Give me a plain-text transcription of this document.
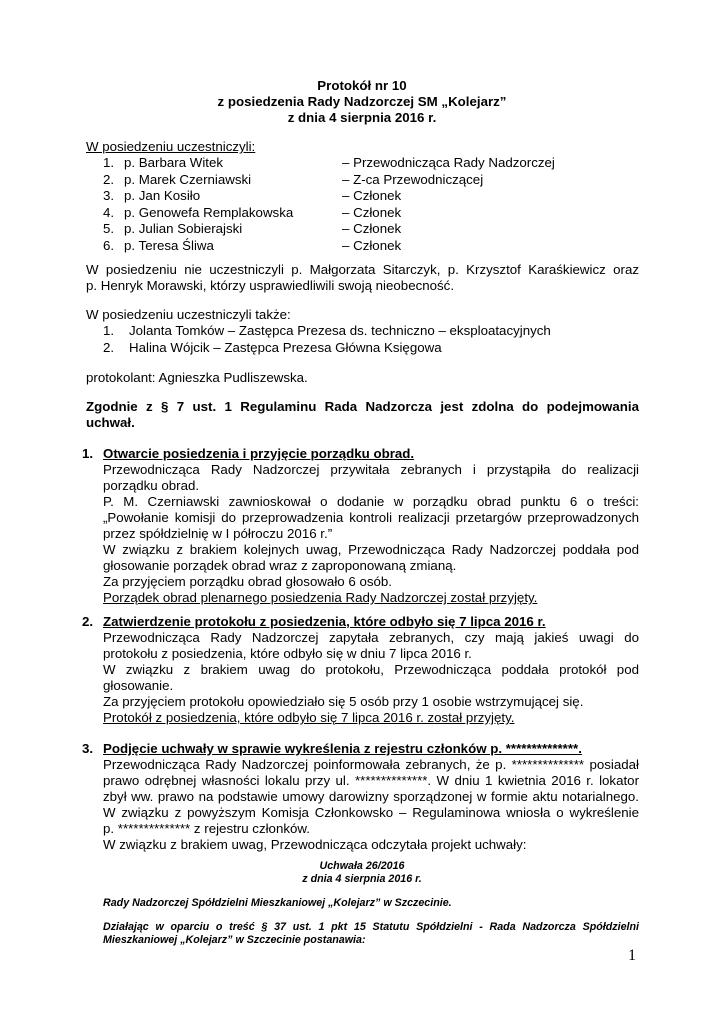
Protokół nr 10
z posiedzenia Rady Nadzorczej SM „Kolejarz”
z dnia 4 sierpnia 2016 r.
W posiedzeniu uczestniczyli:
1. p. Barbara Witek	– Przewodnicząca Rady Nadzorczej
2. p. Marek Czerniawski	– Z-ca Przewodniczącej
3. p. Jan Kosiło	– Członek
4. p. Genowefa Remplakowska	– Członek
5. p. Julian Sobierajski	– Członek
6. p. Teresa Śliwa	– Członek
W posiedzeniu nie uczestniczyli p. Małgorzata Sitarczyk, p. Krzysztof Karaśkiewicz oraz
p. Henryk Morawski, którzy usprawiedliwili swoją nieobecność.
W posiedzeniu uczestniczyli także:
1. Jolanta Tomków – Zastępca Prezesa ds. techniczno – eksploatacyjnych
2. Halina Wójcik – Zastępca Prezesa Główna Księgowa
protokolant: Agnieszka Pudliszewska.
Zgodnie z § 7 ust. 1 Regulaminu Rada Nadzorcza jest zdolna do podejmowania
uchwał.
1. Otwarcie posiedzenia i przyjęcie porządku obrad.
Przewodnicząca Rady Nadzorczej przywitała zebranych i przystąpiła do realizacji
porządku obrad.
P. M. Czerniawski zawnioskował o dodanie w porządku obrad punktu 6 o treści:
„Powołanie komisji do przeprowadzenia kontroli realizacji przetargów przeprowadzonych
przez spółdzielnię w I półroczu 2016 r.”
W związku z brakiem kolejnych uwag, Przewodnicząca Rady Nadzorczej poddała pod
głosowanie porządek obrad wraz z zaproponowaną zmianą.
Za przyjęciem porządku obrad głosowało 6 osób.
Porządek obrad plenarnego posiedzenia Rady Nadzorczej został przyjęty.
2. Zatwierdzenie protokołu z posiedzenia, które odbyło się 7 lipca 2016 r.
Przewodnicząca Rady Nadzorczej zapytała zebranych, czy mają jakieś uwagi do
protokołu z posiedzenia, które odbyło się w dniu 7 lipca 2016 r.
W związku z brakiem uwag do protokołu, Przewodnicząca poddała protokół pod
głosowanie.
Za przyjęciem protokołu opowiedziało się 5 osób przy 1 osobie wstrzymującej się.
Protokół z posiedzenia, które odbyło się 7 lipca 2016 r. został przyjęty.
3. Podjęcie uchwały w sprawie wykreślenia z rejestru członków p. **************.
Przewodnicząca Rady Nadzorczej poinformowała zebranych, że p. ************** posiadał
prawo odrębnej własności lokalu przy ul. **************. W dniu 1 kwietnia 2016 r. lokator
zbył ww. prawo na podstawie umowy darowizny sporządzonej w formie aktu notarialnego.
W związku z powyższym Komisja Członkowsko – Regulaminowa wniosła o wykreślenie
p. ************** z rejestru członków.
W związku z brakiem uwag, Przewodnicząca odczytała projekt uchwały:
Uchwała 26/2016
z dnia 4 sierpnia 2016 r.
Rady Nadzorczej Spółdzielni Mieszkaniowej „Kolejarz” w Szczecinie.
Działając w oparciu o treść § 37 ust. 1 pkt 15 Statutu Spółdzielni - Rada Nadzorcza Spółdzielni
Mieszkaniowej „Kolejarz” w Szczecinie postanawia:
1
